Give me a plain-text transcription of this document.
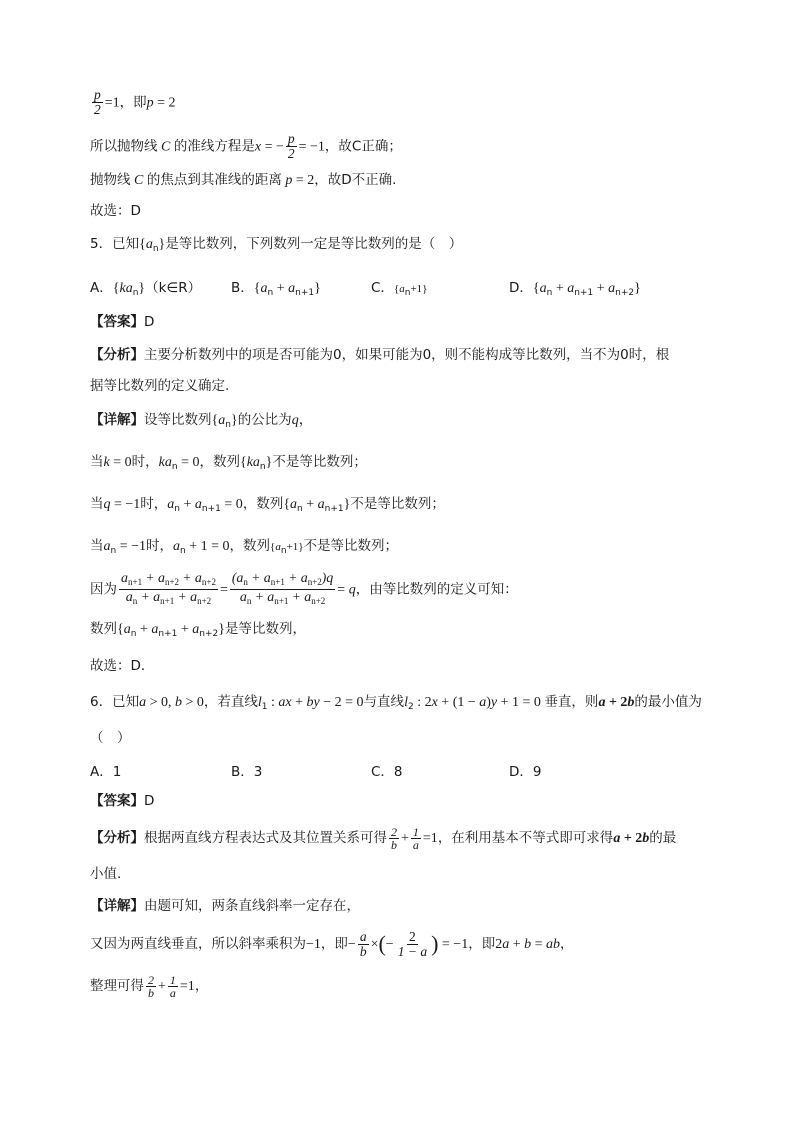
$\frac{p}{2} =1$，即p = 2
所以抛物线 C 的准线方程是x = − $\frac{p}{2} = -1$，故C正确；
抛物线 C 的焦点到其准线的距离 p = 2，故D不正确.
故选：D
5．已知$\{a_n\}$是等比数列，下列数列一定是等比数列的是（　）
A．$\{ka_n\}(k\in R)$ B．$\{a_n + a_{n+1}\}$	C．$\{a_n+1\}$	D．$\{a_n + a_{n+1} + a_{n+2}\}$
【答案】D
【分析】主要分析数列中的项是否可能为0，如果可能为0，则不能构成等比数列，当不为0时，根
据等比数列的定义确定.
【详解】设等比数列$\{a_n\}$的公比为q，
当k = 0时，$ka_n = 0$，数列$\{ka_n\}$不是等比数列；
当q = −1时，$a_n + a_{n+1} = 0$，数列$\{a_n + a_{n+1}\}$不是等比数列；
当$a_n = -1$时，$a_n + 1 = 0$，数列$\{a_n+1\}$不是等比数列；
因为 $\frac{a_{n+1} + a_{n+2} + a_{n+2}}{a_n + a_{n+1} + a_{n+2}} = \frac{(a_n + a_{n+1} + a_{n+2})q}{a_n + a_{n+1} + a_{n+2}} = q$，由等比数列的定义可知：
数列$\{a_n + a_{n+1} + a_{n+2}\}$是等比数列，
故选：D．
6．已知a > 0, b > 0，若直线$l_1$ : ax + by − 2 = 0与直线$l_2$ : 2x + (1 − a)y + 1 = 0 垂直，则a + 2b的最小值为
（　）
A．1	B．3	C．8	D．9
【答案】D
【分析】根据两直线方程表达式及其位置关系可得 $\frac{2}{b} + \frac{1}{a} =1$，在利用基本不等式即可求得a + 2b的最
小值.
【详解】由题可知，两条直线斜率一定存在，
又因为两直线垂直，所以斜率乘积为−1，即− $\frac{a}{b}$ ×(− $\frac{2}{1 - a}$ ) = −1，即2a + b = ab，
整理可得 $\frac{2}{b} + \frac{1}{a} =1$，
